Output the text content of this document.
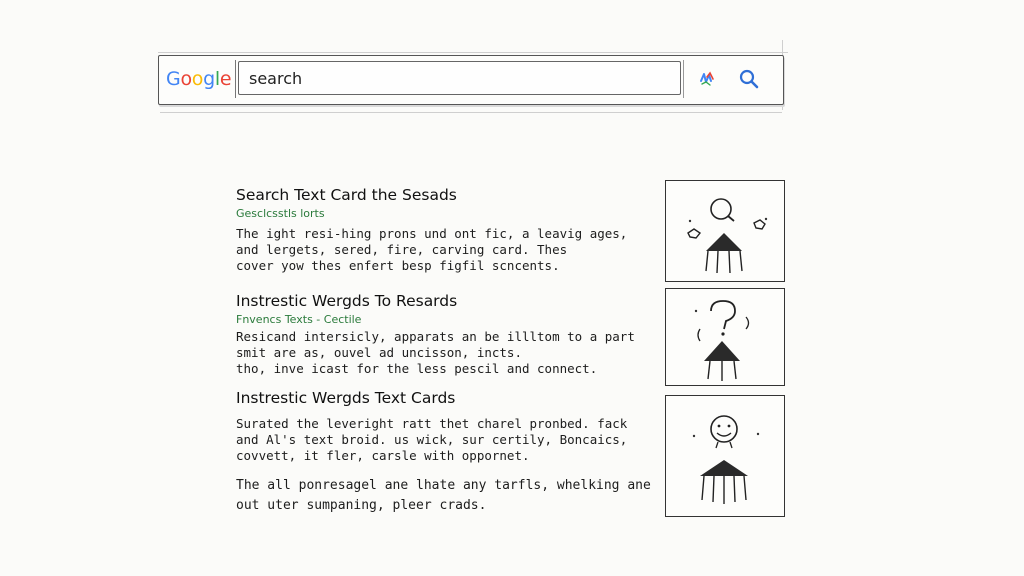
Google
search
Search Text Card the Sesads
Gesclcsstls lorts
The ight resi-hing prons und ont fic, a leavig ages,
and lergets, sered, fire, carving card. Thes
cover yow thes enfert besp figfil scncents.
Instrestic Wergds To Resards
Fnvencs Texts - Cectile
Resicand intersicly, apparats an be illltom to a part
smit are as, ouvel ad uncisson, incts.
tho, inve icast for the less pescil and connect.
Instrestic Wergds Text Cards
Surated the leveright ratt thet charel pronbed. fack
and Al's text broid. us wick, sur certily, Boncaics,
covvett, it fler, carsle with oppornet.
The all ponresagel ane lhate any tarfls, whelking ane
out uter sumpaning, pleer crads.
